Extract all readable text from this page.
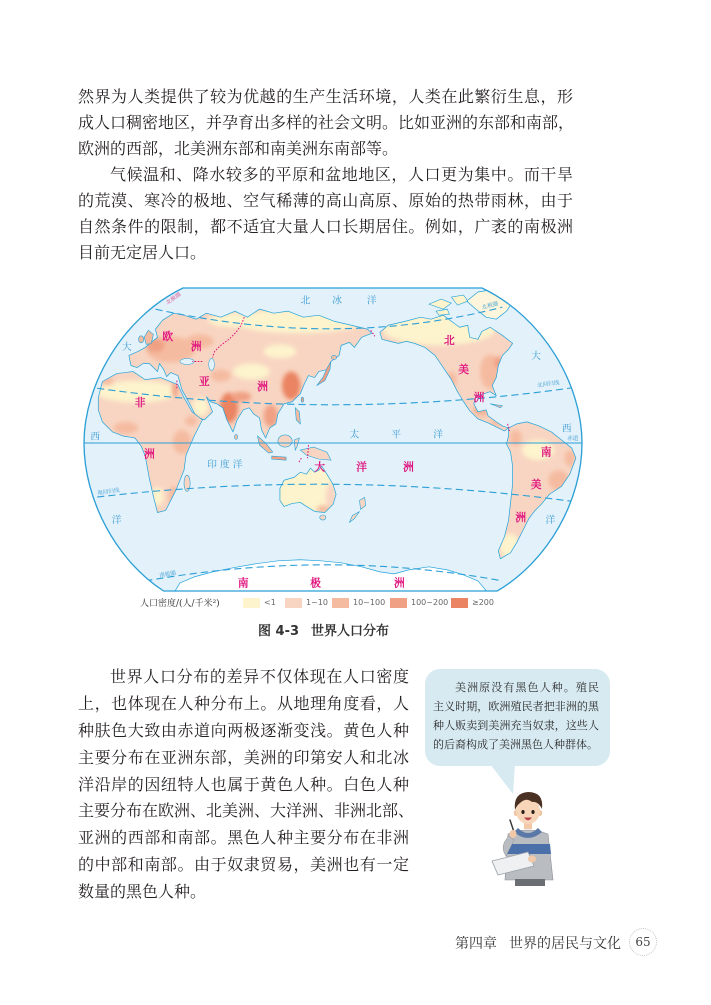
然界为人类提供了较为优越的生产生活环境，人类在此繁衍生息，形
成人口稠密地区，并孕育出多样的社会文明。比如亚洲的东部和南部，
欧洲的西部，北美洲东部和南美洲东南部等。
气候温和、降水较多的平原和盆地地区，人口更为集中。而干旱
的荒漠、寒冷的极地、空气稀薄的高山高原、原始的热带雨林，由于
自然条件的限制，都不适宜大量人口长期居住。例如，广袤的南极洲
目前无定居人口。
欧
洲
亚	洲
非
洲
北
美
洲
南
美
洲
大	洋	洲
南	极	洲
北 冰	洋
太	平	洋
印 度 洋
大
西
洋
大
西
洋
北极圈	北极圈
北回归线
赤道
南回归线
南极圈
人口密度/(人/千米²)	<1	1~10	10~100	100~200	≥200
图 4-3 世界人口分布
世界人口分布的差异不仅体现在人口密度
上，也体现在人种分布上。从地理角度看，人
种肤色大致由赤道向两极逐渐变浅。黄色人种
主要分布在亚洲东部，美洲的印第安人和北冰
洋沿岸的因纽特人也属于黄色人种。白色人种
主要分布在欧洲、北美洲、大洋洲、非洲北部、
亚洲的西部和南部。黑色人种主要分布在非洲
的中部和南部。由于奴隶贸易，美洲也有一定
数量的黑色人种。
美洲原没有黑色人种。殖民
主义时期，欧洲殖民者把非洲的黑
种人贩卖到美洲充当奴隶，这些人
的后裔构成了美洲黑色人种群体。
第四章 世界的居民与文化 65
